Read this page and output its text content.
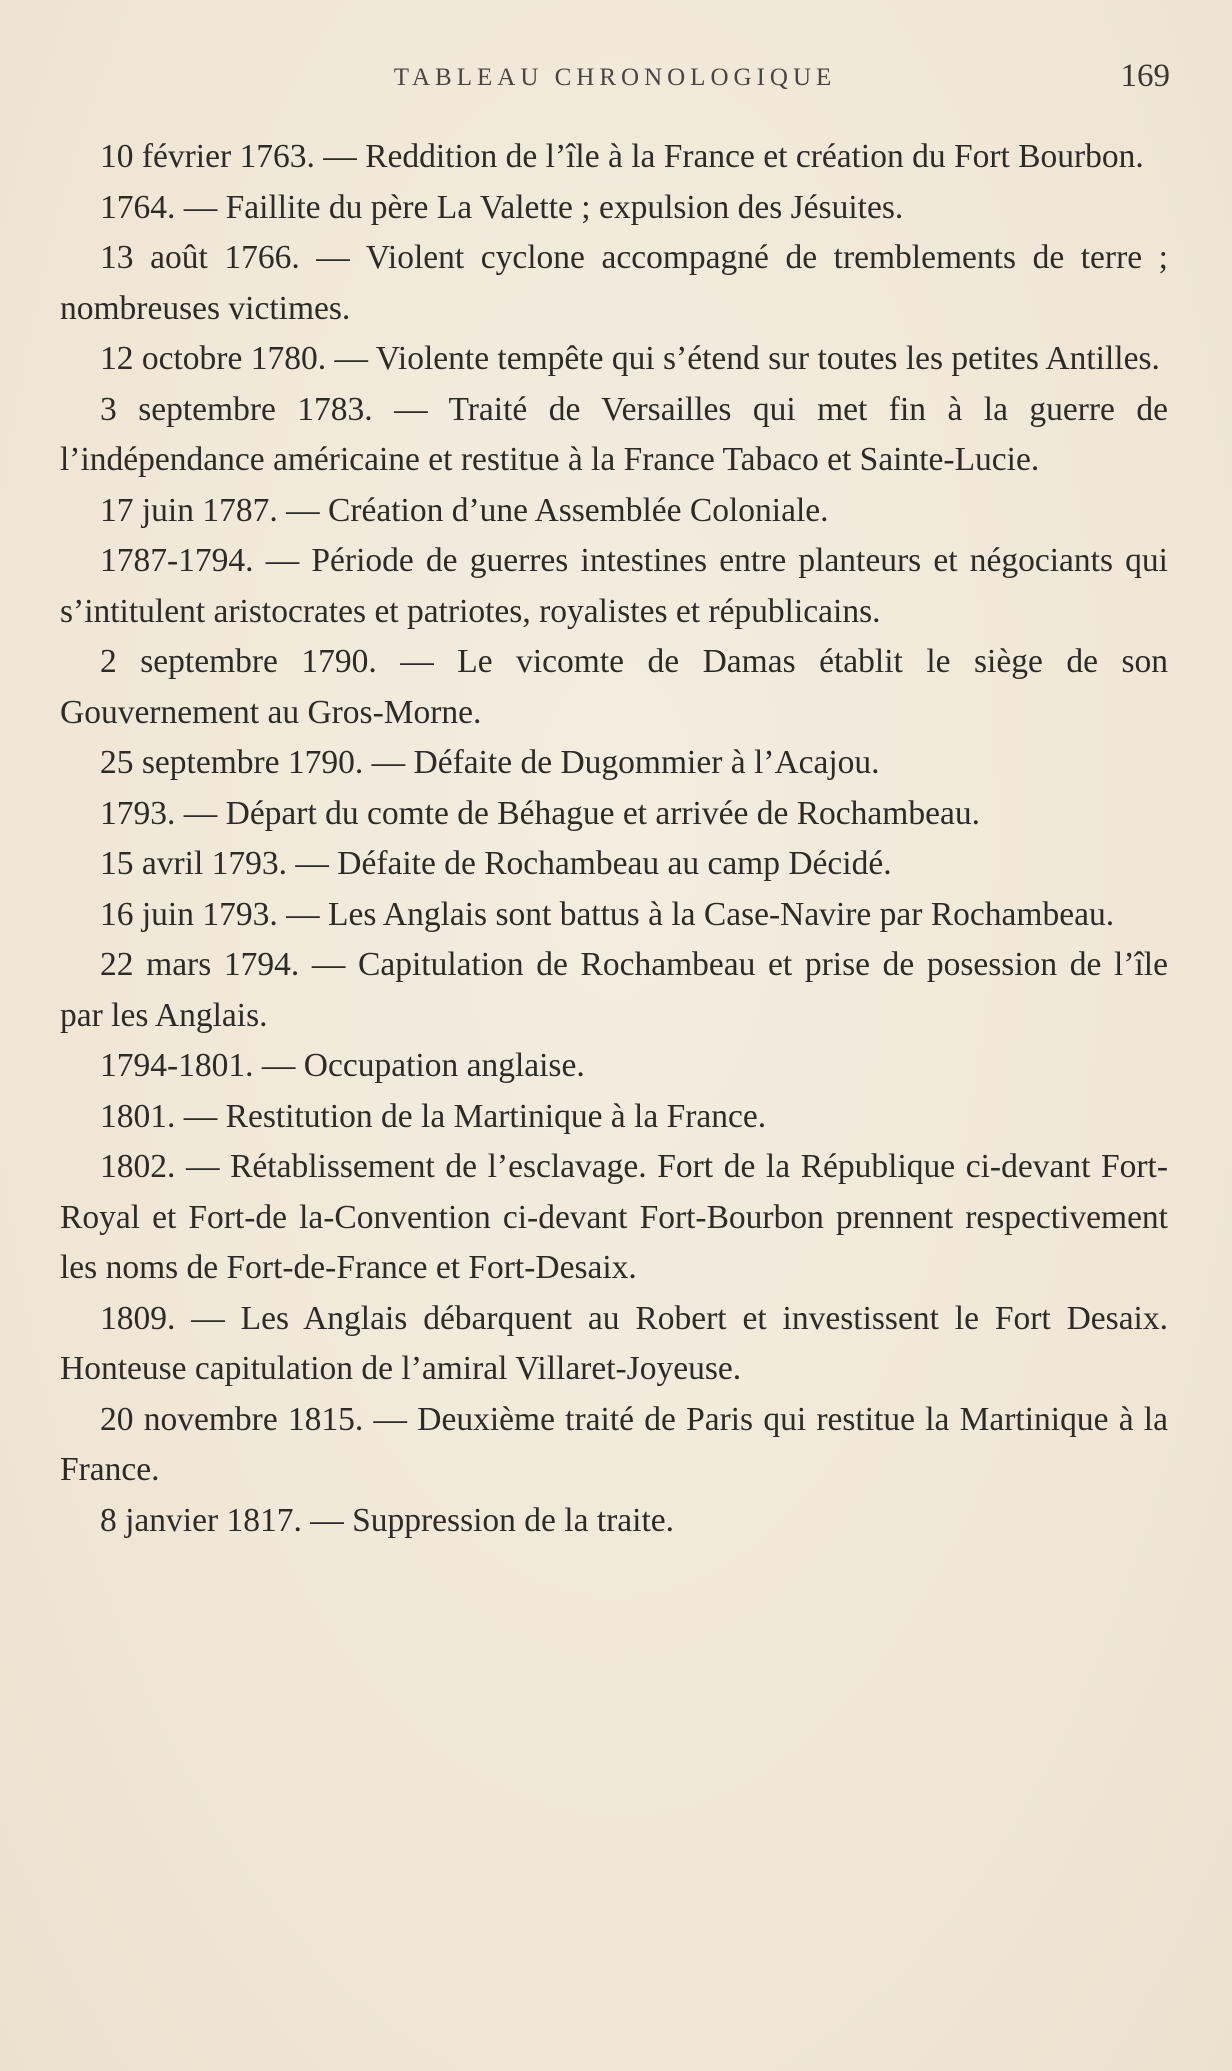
TABLEAU CHRONOLOGIQUE	169

10 février 1763. — Reddition de l’île à la France et création du Fort Bourbon.

1764. — Faillite du père La Valette ; expulsion des Jésuites.

13 août 1766. — Violent cyclone accompagné de tremblements de terre ; nombreuses victimes.

12 octobre 1780. — Violente tempête qui s’étend sur toutes les petites Antilles.

3 septembre 1783. — Traité de Versailles qui met fin à la guerre de l’indépendance américaine et restitue à la France Tabaco et Sainte-Lucie.

17 juin 1787. — Création d’une Assemblée Coloniale.

1787-1794. — Période de guerres intestines entre planteurs et négociants qui s’intitulent aristocrates et patriotes, royalistes et républicains.

2 septembre 1790. — Le vicomte de Damas établit le siège de son Gouvernement au Gros-Morne.

25 septembre 1790. — Défaite de Dugommier à l’Acajou.

1793. — Départ du comte de Béhague et arrivée de Rochambeau.

15 avril 1793. — Défaite de Rochambeau au camp Décidé.

16 juin 1793. — Les Anglais sont battus à la Case-Navire par Rochambeau.

22 mars 1794. — Capitulation de Rochambeau et prise de posession de l’île par les Anglais.

1794-1801. — Occupation anglaise.

1801. — Restitution de la Martinique à la France.

1802. — Rétablissement de l’esclavage. Fort de la République ci-devant Fort-Royal et Fort-de la-Convention ci-devant Fort-Bourbon prennent respectivement les noms de Fort-de-France et Fort-Desaix.

1809. — Les Anglais débarquent au Robert et investissent le Fort Desaix. Honteuse capitulation de l’amiral Villaret-Joyeuse.

20 novembre 1815. — Deuxième traité de Paris qui restitue la Martinique à la France.

8 janvier 1817. — Suppression de la traite.
